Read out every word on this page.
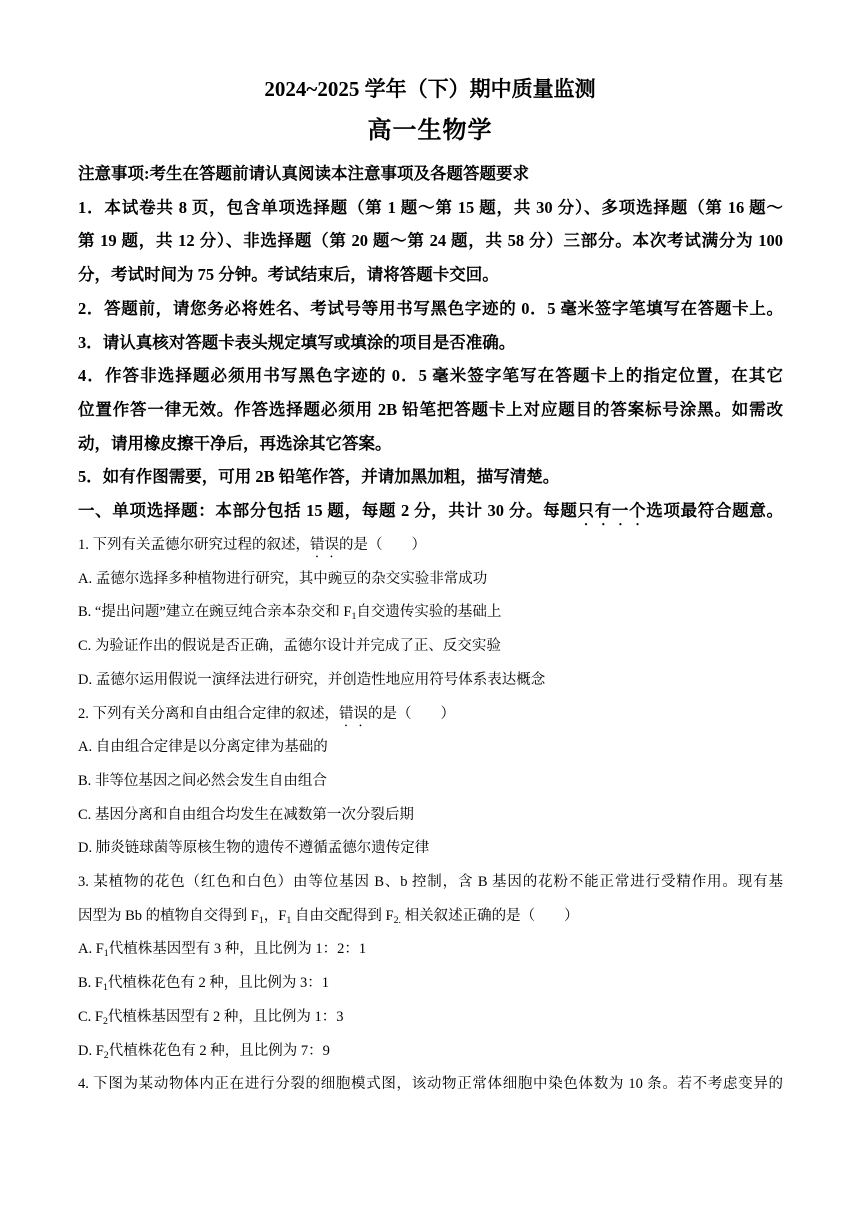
2024~2025 学年（下）期中质量监测
高一生物学
注意事项:考生在答题前请认真阅读本注意事项及各题答题要求
1．本试卷共 8 页，包含单项选择题（第 1 题～第 15 题，共 30 分）、多项选择题（第 16 题～
第 19 题，共 12 分）、非选择题（第 20 题～第 24 题，共 58 分）三部分。本次考试满分为 100
分，考试时间为 75 分钟。考试结束后，请将答题卡交回。
2．答题前，请您务必将姓名、考试号等用书写黑色字迹的 0．5 毫米签字笔填写在答题卡上。
3．请认真核对答题卡表头规定填写或填涂的项目是否准确。
4．作答非选择题必须用书写黑色字迹的 0．5 毫米签字笔写在答题卡上的指定位置，在其它
位置作答一律无效。作答选择题必须用 2B 铅笔把答题卡上对应题目的答案标号涂黑。如需改
动，请用橡皮擦干净后，再选涂其它答案。
5．如有作图需要，可用 2B 铅笔作答，并请加黑加粗，描写清楚。
一、单项选择题：本部分包括 15 题，每题 2 分，共计 30 分。每题只有一个选项最符合题意。
1. 下列有关孟德尔研究过程的叙述，错误的是（　　）
A. 孟德尔选择多种植物进行研究，其中豌豆的杂交实验非常成功
B. “提出问题”建立在豌豆纯合亲本杂交和 $F_1$自交遗传实验的基础上
C. 为验证作出的假说是否正确，孟德尔设计并完成了正、反交实验
D. 孟德尔运用假说一演绎法进行研究，并创造性地应用符号体系表达概念
2. 下列有关分离和自由组合定律的叙述，错误的是（　　）
A. 自由组合定律是以分离定律为基础的
B. 非等位基因之间必然会发生自由组合
C. 基因分离和自由组合均发生在减数第一次分裂后期
D. 肺炎链球菌等原核生物的遗传不遵循孟德尔遗传定律
3. 某植物的花色（红色和白色）由等位基因 B、b 控制，含 B 基因的花粉不能正常进行受精作用。现有基
因型为 Bb 的植物自交得到 $F_1$，$F_1$ 自由交配得到 $F_{2.}$ 相关叙述正确的是（　　）
A. $F_1$代植株基因型有 3 种，且比例为 1：2：1
B. $F_1$代植株花色有 2 种，且比例为 3：1
C. $F_2$代植株基因型有 2 种，且比例为 1：3
D. $F_2$代植株花色有 2 种，且比例为 7：9
4. 下图为某动物体内正在进行分裂的细胞模式图，该动物正常体细胞中染色体数为 10 条。若不考虑变异的
